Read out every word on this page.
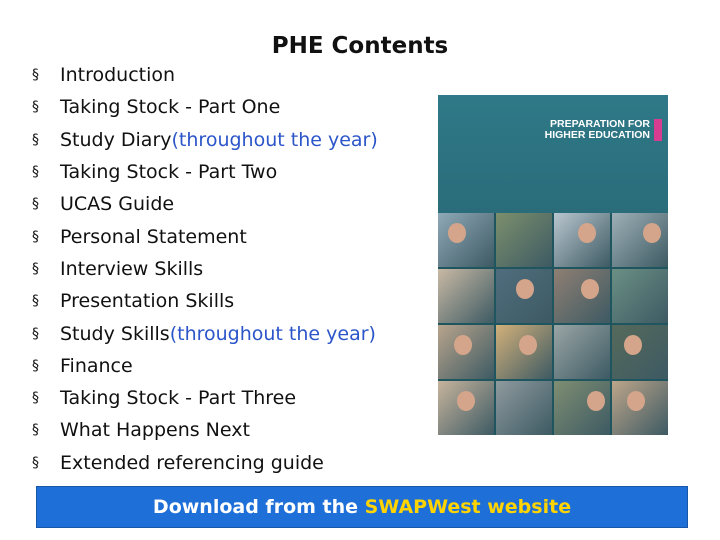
PHE Contents
§	Introduction
§	Taking Stock - Part One
§	Study Diary (throughout the year)
§	Taking Stock - Part Two
§	UCAS Guide
§	Personal Statement
§	Interview Skills
§	Presentation Skills
§	Study Skills (throughout the year)
§	Finance
§	Taking Stock - Part Three
§	What Happens Next
§	Extended referencing guide
PREPARATION FOR
HIGHER EDUCATION
Download from the
SWAPWest website
